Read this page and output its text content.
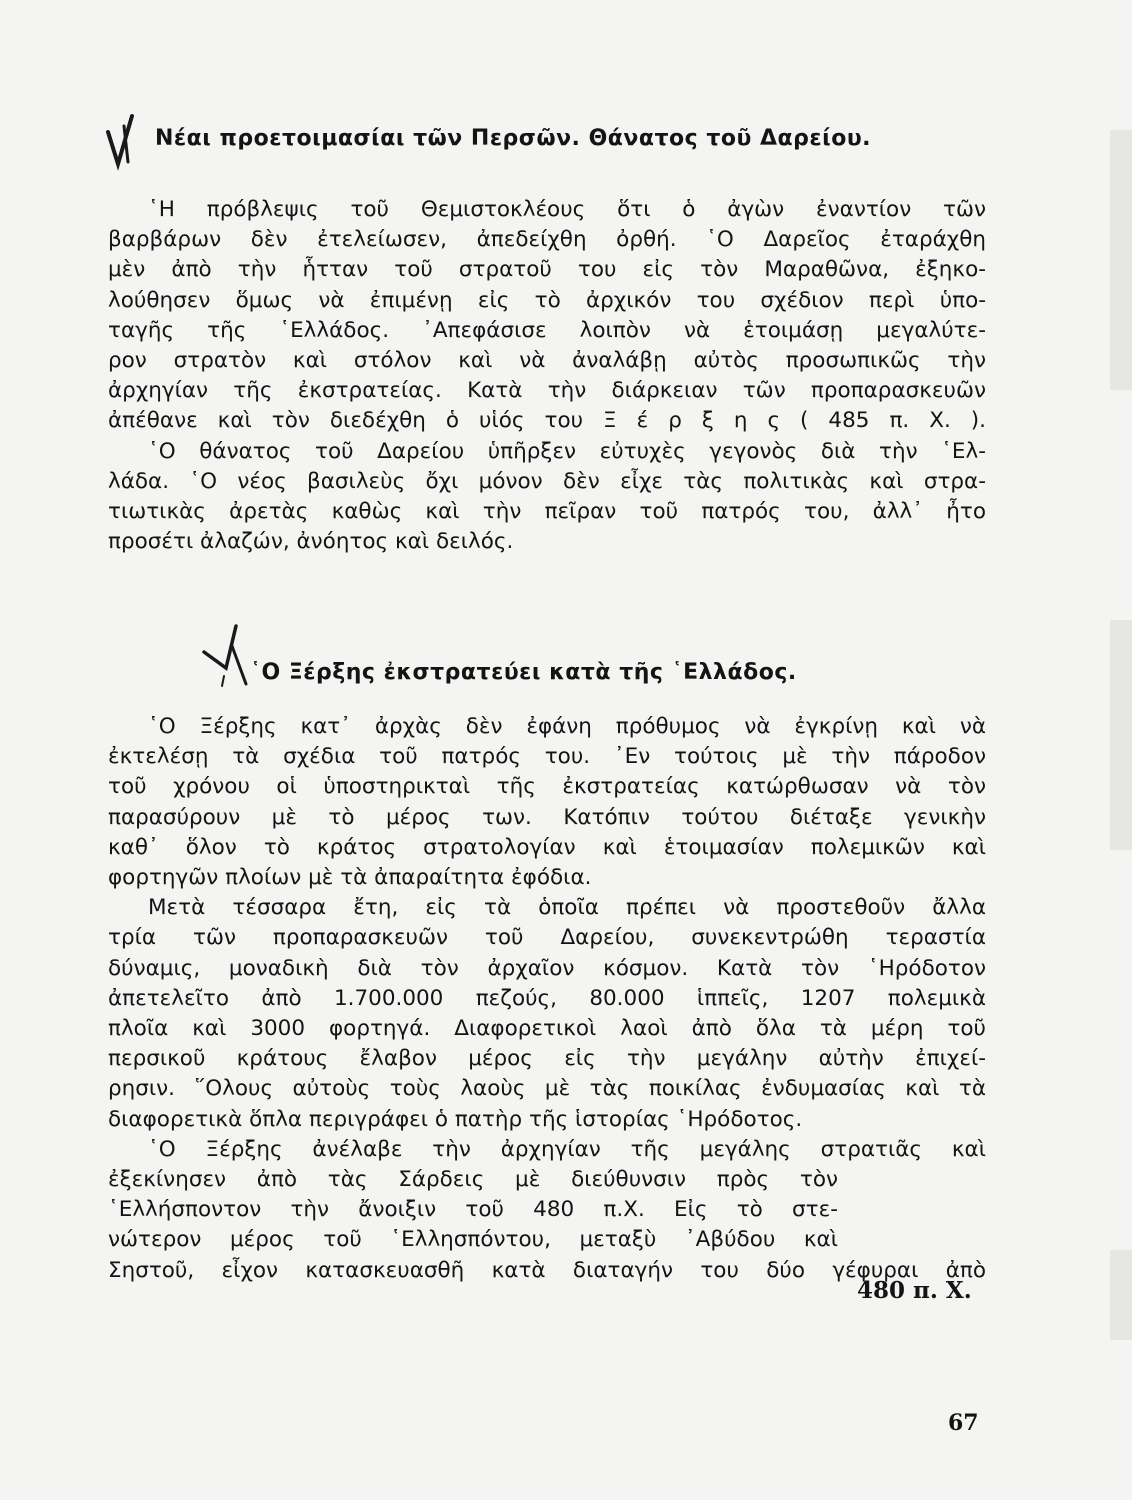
Νέαι προετοιμασίαι τῶν Περσῶν. Θάνατος τοῦ Δαρείου.
῾Η πρόβλεψις τοῦ Θεμιστοκλέους ὅτι ὁ ἀγὼν ἐναντίον τῶν
βαρβάρων δὲν ἐτελείωσεν, ἀπεδείχθη ὀρθή. ῾Ο Δαρεῖος ἐταράχθη
μὲν ἀπὸ τὴν ἧτταν τοῦ στρατοῦ του εἰς τὸν Μαραθῶνα, ἐξηκο-
λούθησεν ὅμως νὰ ἐπιμένῃ εἰς τὸ ἀρχικόν του σχέδιον περὶ ὑπο-
ταγῆς τῆς ῾Ελλάδος. ᾿Απεφάσισε λοιπὸν νὰ ἑτοιμάσῃ μεγαλύτε-
ρον στρατὸν καὶ στόλον καὶ νὰ ἀναλάβῃ αὐτὸς προσωπικῶς τὴν
ἀρχηγίαν τῆς ἐκστρατείας. Κατὰ τὴν διάρκειαν τῶν προπαρασκευῶν
ἀπέθανε καὶ τὸν διεδέχθη ὁ υἱός του Ξ έ ρ ξ η ς ( 485 π. Χ. ).
῾Ο θάνατος τοῦ Δαρείου ὑπῆρξεν εὐτυχὲς γεγονὸς διὰ τὴν ῾Ελ-
λάδα. ῾Ο νέος βασιλεὺς ὄχι μόνον δὲν εἶχε τὰς πολιτικὰς καὶ στρα-
τιωτικὰς ἀρετὰς καθὼς καὶ τὴν πεῖραν τοῦ πατρός του, ἀλλ᾿ ἦτο
προσέτι ἀλαζών, ἀνόητος καὶ δειλός.
῾Ο Ξέρξης ἐκστρατεύει κατὰ τῆς ῾Ελλάδος.
῾Ο Ξέρξης κατ᾿ ἀρχὰς δὲν ἐφάνη πρόθυμος νὰ ἐγκρίνῃ καὶ νὰ
ἐκτελέσῃ τὰ σχέδια τοῦ πατρός του. ᾿Εν τούτοις μὲ τὴν πάροδον
τοῦ χρόνου οἱ ὑποστηρικταὶ τῆς ἐκστρατείας κατώρθωσαν νὰ τὸν
παρασύρουν μὲ τὸ μέρος των. Κατόπιν τούτου διέταξε γενικὴν
καθ᾿ ὅλον τὸ κράτος στρατολογίαν καὶ ἑτοιμασίαν πολεμικῶν καὶ
φορτηγῶν πλοίων μὲ τὰ ἀπαραίτητα ἐφόδια.
Μετὰ τέσσαρα ἔτη, εἰς τὰ ὁποῖα πρέπει νὰ προστεθοῦν ἄλλα
τρία τῶν προπαρασκευῶν τοῦ Δαρείου, συνεκεντρώθη τεραστία
δύναμις, μοναδικὴ διὰ τὸν ἀρχαῖον κόσμον. Κατὰ τὸν ῾Ηρόδοτον
ἀπετελεῖτο ἀπὸ 1.700.000 πεζούς, 80.000 ἱππεῖς, 1207 πολεμικὰ
πλοῖα καὶ 3000 φορτηγά. Διαφορετικοὶ λαοὶ ἀπὸ ὅλα τὰ μέρη τοῦ
περσικοῦ κράτους ἔλαβον μέρος εἰς τὴν μεγάλην αὐτὴν ἐπιχεί-
ρησιν. ῞Ολους αὐτοὺς τοὺς λαοὺς μὲ τὰς ποικίλας ἐνδυμασίας καὶ τὰ
διαφορετικὰ ὅπλα περιγράφει ὁ πατὴρ τῆς ἱστορίας ῾Ηρόδοτος.
῾Ο Ξέρξης ἀνέλαβε τὴν ἀρχηγίαν τῆς μεγάλης στρατιᾶς καὶ
ἐξεκίνησεν ἀπὸ τὰς Σάρδεις μὲ διεύθυνσιν πρὸς τὸν
῾Ελλήσποντον τὴν ἄνοιξιν τοῦ 480 π.Χ. Εἰς τὸ στε-
νώτερον μέρος τοῦ ῾Ελλησπόντου, μεταξὺ ᾿Αβύδου καὶ
Σηστοῦ, εἶχον κατασκευασθῆ κατὰ διαταγήν του δύο γέφυραι ἀπὸ
480 π. Χ.
67
